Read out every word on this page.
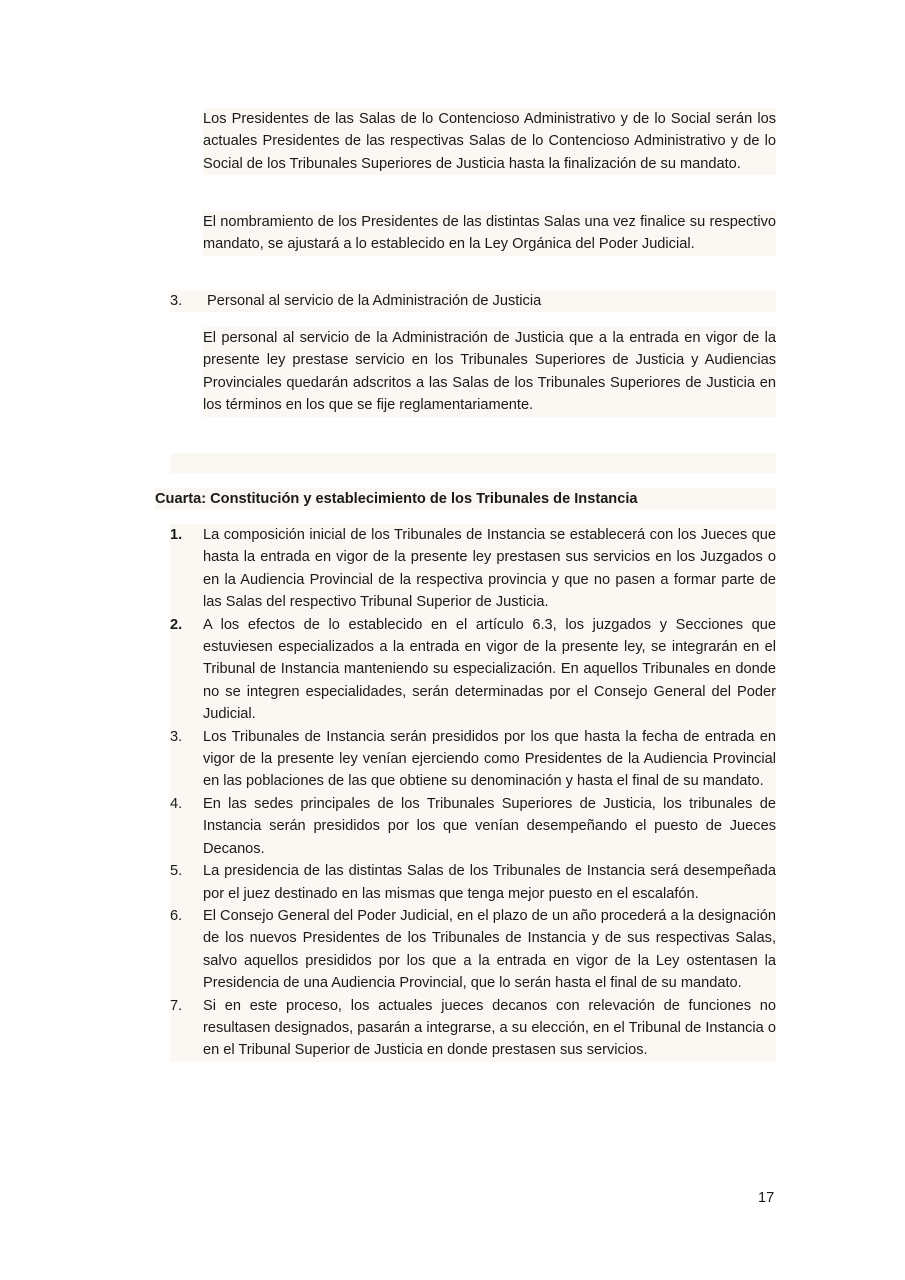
Los Presidentes de las Salas de lo Contencioso Administrativo y de lo Social serán los actuales Presidentes de las respectivas Salas de lo Contencioso Administrativo y de lo Social de los Tribunales Superiores de Justicia hasta la finalización de su mandato.

El nombramiento de los Presidentes de las distintas Salas una vez finalice su respectivo mandato, se ajustará a lo establecido en la Ley Orgánica del Poder Judicial.

3.	Personal al servicio de la Administración de Justicia

El personal al servicio de la Administración de Justicia que a la entrada en vigor de la presente ley prestase servicio en los Tribunales Superiores de Justicia y Audiencias Provinciales quedarán adscritos a las Salas de los Tribunales Superiores de Justicia en los términos en los que se fije reglamentariamente.

Cuarta: Constitución y establecimiento de los Tribunales de Instancia
1.	La composición inicial de los Tribunales de Instancia se establecerá con los Jueces que hasta la entrada en vigor de la presente ley prestasen sus servicios en los Juzgados o en la Audiencia Provincial de la respectiva provincia y que no pasen a formar parte de las Salas del respectivo Tribunal Superior de Justicia.
2.	A los efectos de lo establecido en el artículo 6.3, los juzgados y Secciones que estuviesen especializados a la entrada en vigor de la presente ley, se integrarán en el Tribunal de Instancia manteniendo su especialización. En aquellos Tribunales en donde no se integren especialidades, serán determinadas por el Consejo General del Poder Judicial.
3.	Los Tribunales de Instancia serán presididos por los que hasta la fecha de entrada en vigor de la presente ley venían ejerciendo como Presidentes de la Audiencia Provincial en las poblaciones de las que obtiene su denominación y hasta el final de su mandato.
4.	En las sedes principales de los Tribunales Superiores de Justicia, los tribunales de Instancia serán presididos por los que venían desempeñando el puesto de Jueces Decanos.
5.	La presidencia de las distintas Salas de los Tribunales de Instancia será desempeñada por el juez destinado en las mismas que tenga mejor puesto en el escalafón.
6.	El Consejo General del Poder Judicial, en el plazo de un año procederá a la designación de los nuevos Presidentes de los Tribunales de Instancia y de sus respectivas Salas, salvo aquellos presididos por los que a la entrada en vigor de la Ley ostentasen la Presidencia de una Audiencia Provincial, que lo serán hasta el final de su mandato.
7.	Si en este proceso, los actuales jueces decanos con relevación de funciones no resultasen designados, pasarán a integrarse, a su elección, en el Tribunal de Instancia o en el Tribunal Superior de Justicia en donde prestasen sus servicios.
17
